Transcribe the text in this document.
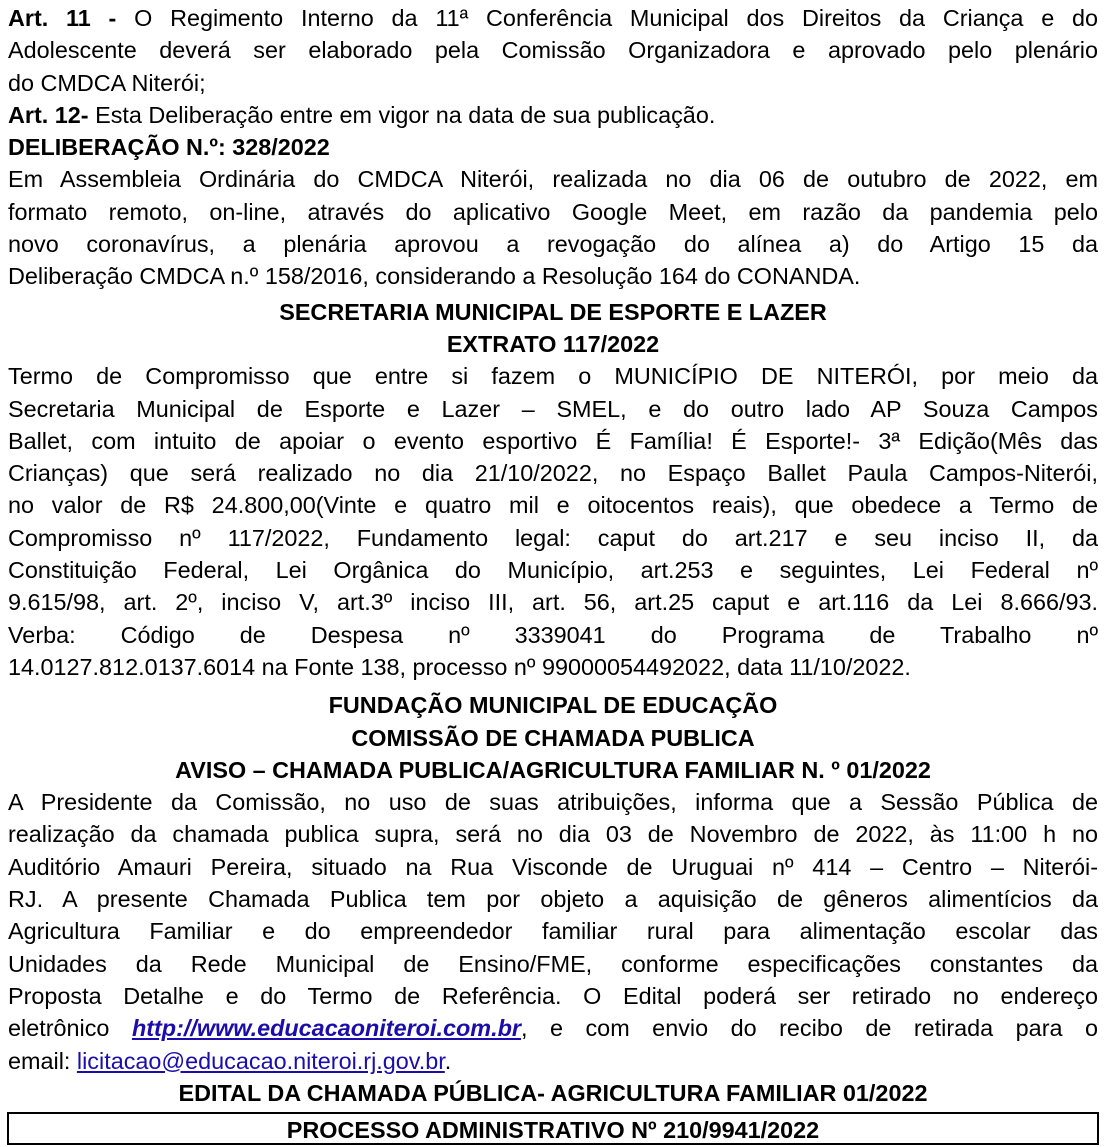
Art. 11 - O Regimento Interno da 11ª Conferência Municipal dos Direitos da Criança e do
Adolescente deverá ser elaborado pela Comissão Organizadora e aprovado pelo plenário
do CMDCA Niterói;
Art. 12- Esta Deliberação entre em vigor na data de sua publicação.
DELIBERAÇÃO N.º: 328/2022
Em Assembleia Ordinária do CMDCA Niterói, realizada no dia 06 de outubro de 2022, em
formato remoto, on-line, através do aplicativo Google Meet, em razão da pandemia pelo
novo coronavírus, a plenária aprovou a revogação do alínea a) do Artigo 15 da
Deliberação CMDCA n.º 158/2016, considerando a Resolução 164 do CONANDA.
SECRETARIA MUNICIPAL DE ESPORTE E LAZER
EXTRATO 117/2022
Termo de Compromisso que entre si fazem o MUNICÍPIO DE NITERÓI, por meio da
Secretaria Municipal de Esporte e Lazer – SMEL, e do outro lado AP Souza Campos
Ballet, com intuito de apoiar o evento esportivo É Família! É Esporte!- 3ª Edição(Mês das
Crianças) que será realizado no dia 21/10/2022, no Espaço Ballet Paula Campos-Niterói,
no valor de R$ 24.800,00(Vinte e quatro mil e oitocentos reais), que obedece a Termo de
Compromisso nº 117/2022, Fundamento legal: caput do art.217 e seu inciso II, da
Constituição Federal, Lei Orgânica do Município, art.253 e seguintes, Lei Federal nº
9.615/98, art. 2º, inciso V, art.3º inciso III, art. 56, art.25 caput e art.116 da Lei 8.666/93.
Verba: Código de Despesa nº 3339041 do Programa de Trabalho nº
14.0127.812.0137.6014 na Fonte 138, processo nº 99000054492022, data 11/10/2022.
FUNDAÇÃO MUNICIPAL DE EDUCAÇÃO
COMISSÃO DE CHAMADA PUBLICA
AVISO – CHAMADA PUBLICA/AGRICULTURA FAMILIAR N. º 01/2022
A Presidente da Comissão, no uso de suas atribuições, informa que a Sessão Pública de
realização da chamada publica supra, será no dia 03 de Novembro de 2022, às 11:00 h no
Auditório Amauri Pereira, situado na Rua Visconde de Uruguai nº 414 – Centro – Niterói-
RJ. A presente Chamada Publica tem por objeto a aquisição de gêneros alimentícios da
Agricultura Familiar e do empreendedor familiar rural para alimentação escolar das
Unidades da Rede Municipal de Ensino/FME, conforme especificações constantes da
Proposta Detalhe e do Termo de Referência. O Edital poderá ser retirado no endereço
eletrônico http://www.educacaoniteroi.com.br, e com envio do recibo de retirada para o
email: licitacao@educacao.niteroi.rj.gov.br.
EDITAL DA CHAMADA PÚBLICA- AGRICULTURA FAMILIAR 01/2022
PROCESSO ADMINISTRATIVO Nº 210/9941/2022
